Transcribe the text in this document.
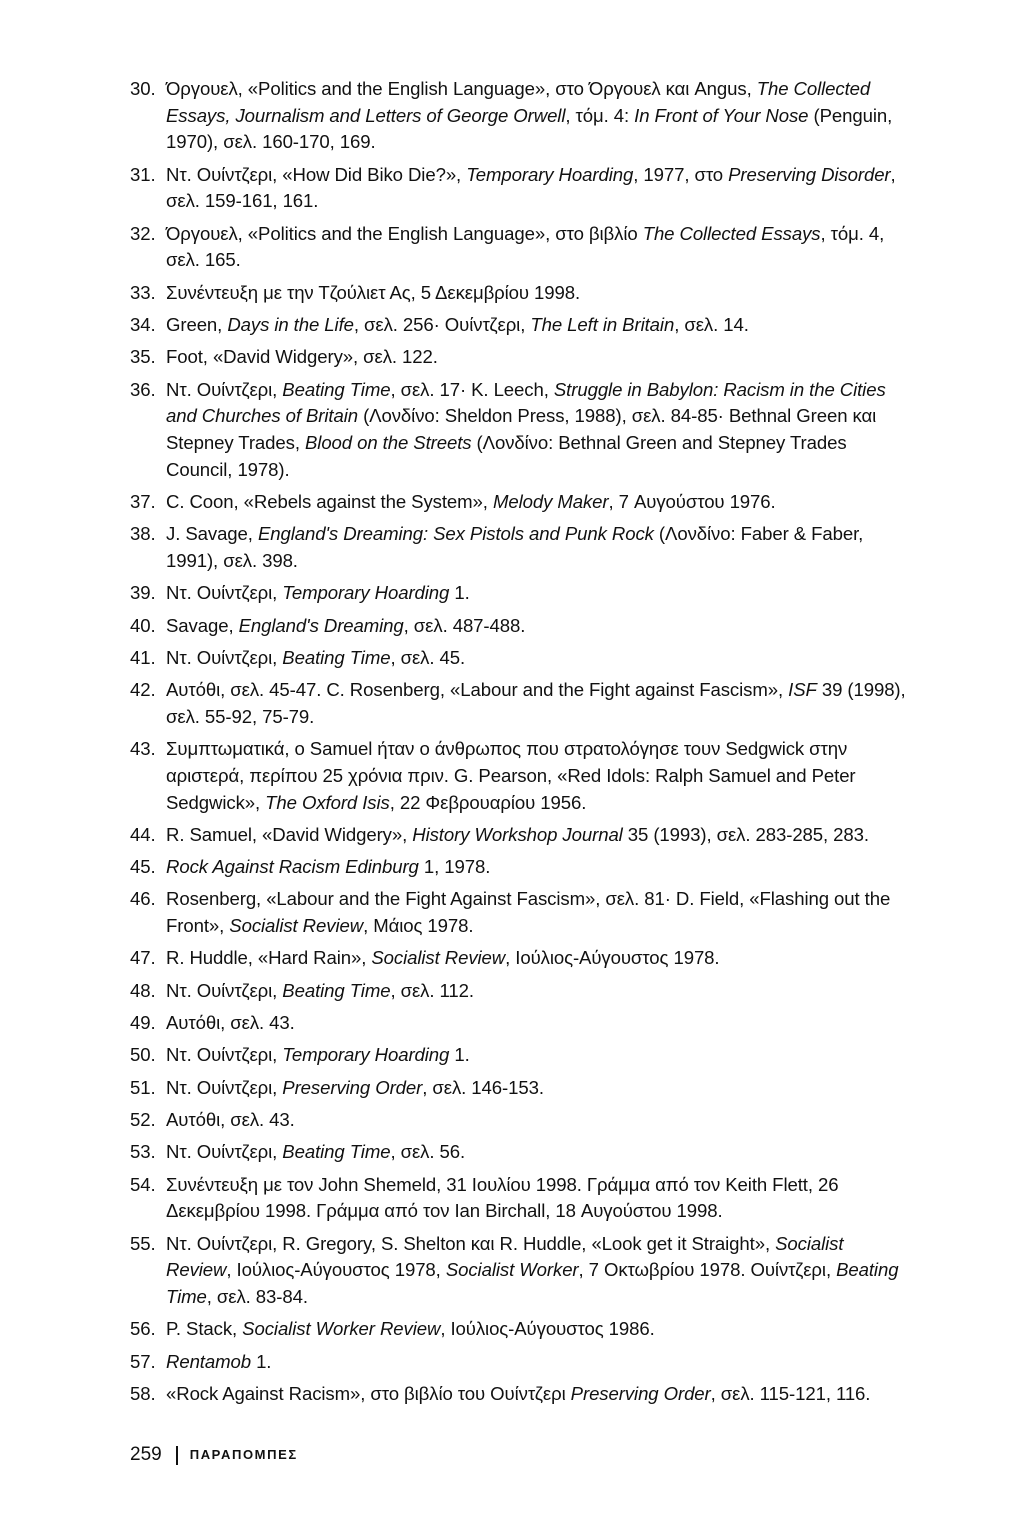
30. Όργουελ, «Politics and the English Language», στο Όργουελ και Angus, The Collected Essays, Journalism and Letters of George Orwell, τόμ. 4: In Front of Your Nose (Penguin, 1970), σελ. 160-170, 169.
31. Ντ. Ουίντζερι, «How Did Biko Die?», Temporary Hoarding, 1977, στο Preserving Disorder, σελ. 159-161, 161.
32. Όργουελ, «Politics and the English Language», στο βιβλίο The Collected Essays, τόμ. 4, σελ. 165.
33. Συνέντευξη με την Τζούλιετ Ας, 5 Δεκεμβρίου 1998.
34. Green, Days in the Life, σελ. 256· Ουίντζερι, The Left in Britain, σελ. 14.
35. Foot, «David Widgery», σελ. 122.
36. Ντ. Ουίντζερι, Beating Time, σελ. 17· K. Leech, Struggle in Babylon: Racism in the Cities and Churches of Britain (Λονδίνο: Sheldon Press, 1988), σελ. 84-85· Bethnal Green και Stepney Trades, Blood on the Streets (Λονδίνο: Bethnal Green and Stepney Trades Council, 1978).
37. C. Coon, «Rebels against the System», Melody Maker, 7 Αυγούστου 1976.
38. J. Savage, England's Dreaming: Sex Pistols and Punk Rock (Λονδίνο: Faber & Faber, 1991), σελ. 398.
39. Ντ. Ουίντζερι, Temporary Hoarding 1.
40. Savage, England's Dreaming, σελ. 487-488.
41. Ντ. Ουίντζερι, Beating Time, σελ. 45.
42. Αυτόθι, σελ. 45-47. C. Rosenberg, «Labour and the Fight against Fascism», ISF 39 (1998), σελ. 55-92, 75-79.
43. Συμπτωματικά, ο Samuel ήταν ο άνθρωπος που στρατολόγησε τουν Sedgwick στην αριστερά, περίπου 25 χρόνια πριν. G. Pearson, «Red Idols: Ralph Samuel and Peter Sedgwick», The Oxford Isis, 22 Φεβρουαρίου 1956.
44. R. Samuel, «David Widgery», History Workshop Journal 35 (1993), σελ. 283-285, 283.
45. Rock Against Racism Edinburg 1, 1978.
46. Rosenberg, «Labour and the Fight Against Fascism», σελ. 81· D. Field, «Flashing out the Front», Socialist Review, Μάιος 1978.
47. R. Huddle, «Hard Rain», Socialist Review, Ιούλιος-Αύγουστος 1978.
48. Ντ. Ουίντζερι, Beating Time, σελ. 112.
49. Αυτόθι, σελ. 43.
50. Ντ. Ουίντζερι, Temporary Hoarding 1.
51. Ντ. Ουίντζερι, Preserving Order, σελ. 146-153.
52. Αυτόθι, σελ. 43.
53. Ντ. Ουίντζερι, Beating Time, σελ. 56.
54. Συνέντευξη με τον John Shemeld, 31 Ιουλίου 1998. Γράμμα από τον Keith Flett, 26 Δεκεμβρίου 1998. Γράμμα από τον Ian Birchall, 18 Αυγούστου 1998.
55. Ντ. Ουίντζερι, R. Gregory, S. Shelton και R. Huddle, «Look get it Straight», Socialist Review, Ιούλιος-Αύγουστος 1978, Socialist Worker, 7 Οκτωβρίου 1978. Ουίντζερι, Beating Time, σελ. 83-84.
56. P. Stack, Socialist Worker Review, Ιούλιος-Αύγουστος 1986.
57. Rentamob 1.
58. «Rock Against Racism», στο βιβλίο του Ουίντζερι Preserving Order, σελ. 115-121, 116.
259 ΠΑΡΑΠΟΜΠΕΣ
